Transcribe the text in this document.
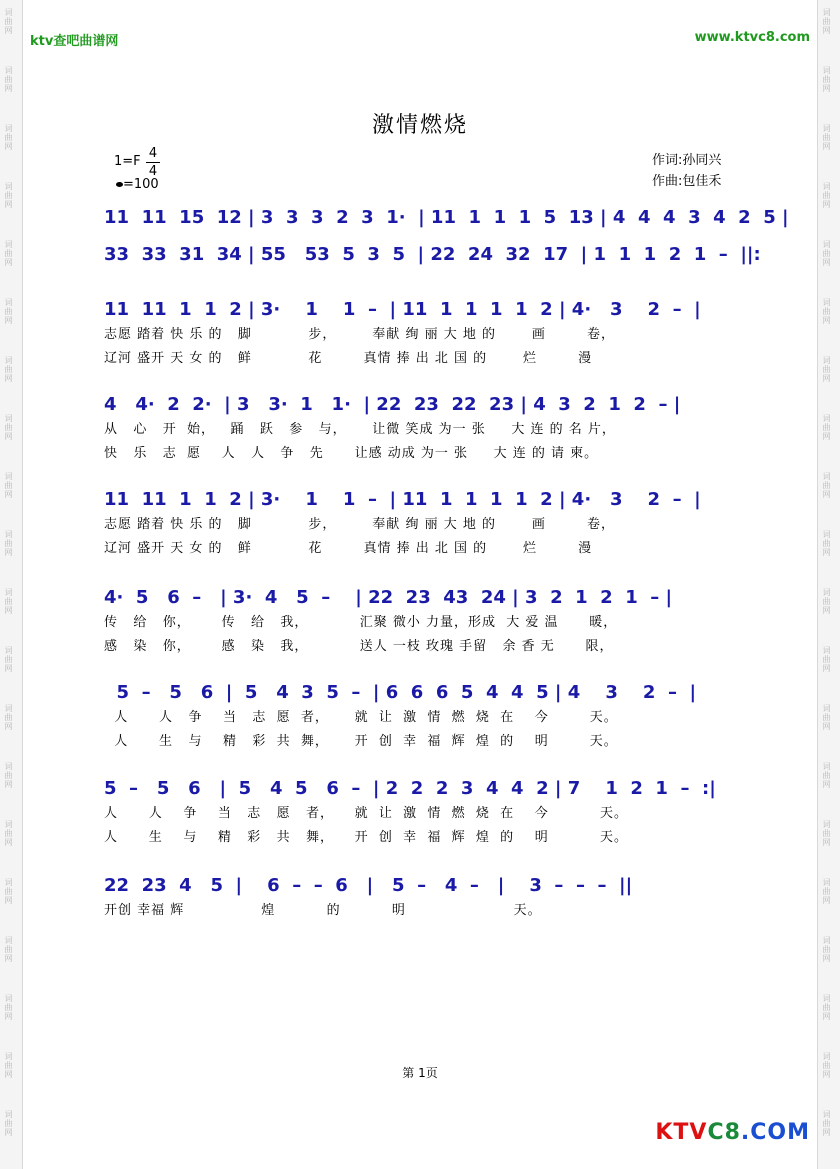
词曲网
词曲网
词曲网
词曲网
词曲网
词曲网
词曲网
词曲网
词曲网
词曲网
词曲网
词曲网
词曲网
词曲网
词曲网
词曲网
词曲网
词曲网
词曲网
词曲网
词曲网
词曲网
词曲网
词曲网
词曲网
词曲网
词曲网
词曲网
词曲网
词曲网
词曲网
词曲网
词曲网
词曲网
词曲网
词曲网
词曲网
词曲网
词曲网
词曲网
ktv查吧曲谱网	www.ktvc8.com
激情燃烧
1=F
4
4
=100
作词:孙同兴
作曲:包佳禾
11  11  15  12 | 3  3  3  2  3  1·  | 11  1  1  1  5  13 | 4  4  4  3  4  2  5 |
33  33  31  34 | 55   53  5  3  5  | 22  24  32  17  | 1  1  1  2  1  –  ||:
11  11  1  1  2 | 3·    1    1  –  | 11  1  1  1  1  2 | 4·   3    2  –  |
志愿 踏着 快 乐 的   脚           步，       奉献 绚 丽 大 地 的       画        卷，
辽河 盛开 天 女 的   鲜           花        真情 捧 出 北 国 的       烂        漫
4   4·  2  2·  | 3   3·  1   1·  | 22  23  22  23 | 4  3  2  1  2  – |
从   心   开  始，   踊   跃   参   与，     让微 笑成 为一 张     大 连 的 名 片，
快   乐   志  愿    人   人   争   先      让感 动成 为一 张     大 连 的 请 柬。
11  11  1  1  2 | 3·    1    1  –  | 11  1  1  1  1  2 | 4·   3    2  –  |
志愿 踏着 快 乐 的   脚           步，       奉献 绚 丽 大 地 的       画        卷，
辽河 盛开 天 女 的   鲜           花        真情 捧 出 北 国 的       烂        漫
4·  5   6  –   | 3·  4   5  –    | 22  23  43  24 | 3  2  1  2  1  – |
传   给   你，      传   给   我，          汇聚 微小 力量，形成  大 爱 温      暖，
感   染   你，      感   染   我，          送人 一枝 玫瑰 手留   余 香 无      限，
5  –   5   6  |  5   4  3  5  –  | 6  6  6  5  4  4  5 | 4    3    2  –  |
人      人   争    当   志  愿  者，     就  让  激  情  燃  烧  在    今        天。
人      生   与    精   彩  共  舞，     开  创  幸  福  辉  煌  的    明        天。
5  –   5   6   |  5   4  5   6  –  | 2  2  2  3  4  4  2 | 7    1  2  1  –  :|
人      人    争    当   志   愿   者，    就  让  激  情  燃  烧  在    今          天。
人      生    与    精   彩   共   舞，    开  创  幸  福  辉  煌  的    明          天。
22  23  4   5  |    6  –  –  6   |   5  –   4  –   |    3  –  –  –  ||
开创 幸福 辉               煌          的          明                     天。
第 1页
KTVC8.COM
